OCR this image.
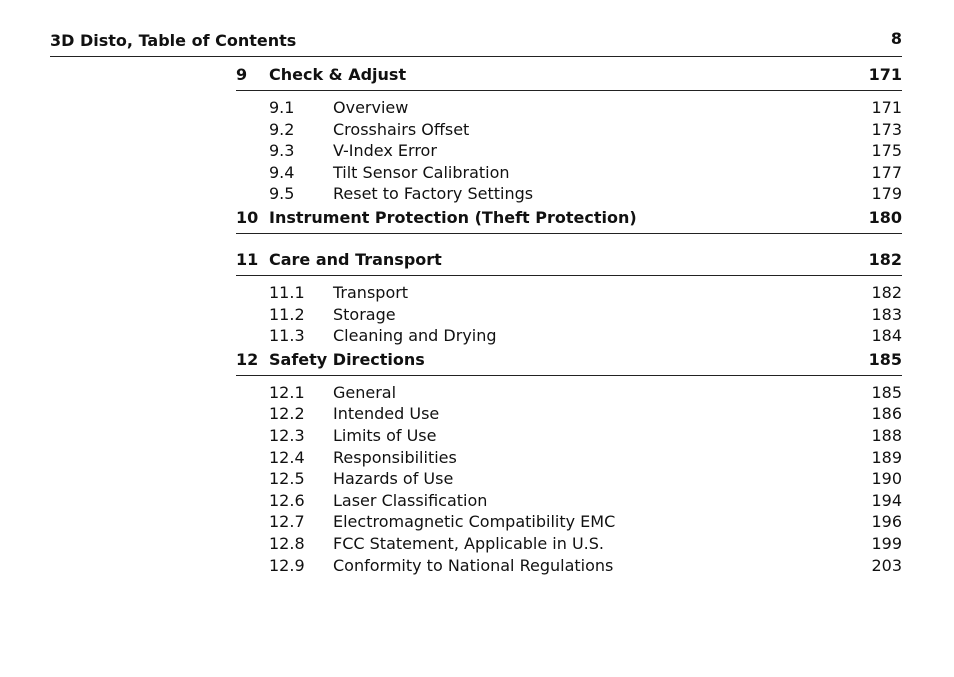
3D Disto, Table of Contents	8
9 Check & Adjust	171
9.1 Overview	171
9.2 Crosshairs Offset	173
9.3 V-Index Error	175
9.4 Tilt Sensor Calibration	177
9.5 Reset to Factory Settings	179
10 Instrument Protection (Theft Protection)	180
11 Care and Transport	182
11.1 Transport	182
11.2 Storage	183
11.3 Cleaning and Drying	184
12 Safety Directions	185
12.1 General	185
12.2 Intended Use	186
12.3 Limits of Use	188
12.4 Responsibilities	189
12.5 Hazards of Use	190
12.6 Laser Classification	194
12.7 Electromagnetic Compatibility EMC	196
12.8 FCC Statement, Applicable in U.S.	199
12.9 Conformity to National Regulations	203
